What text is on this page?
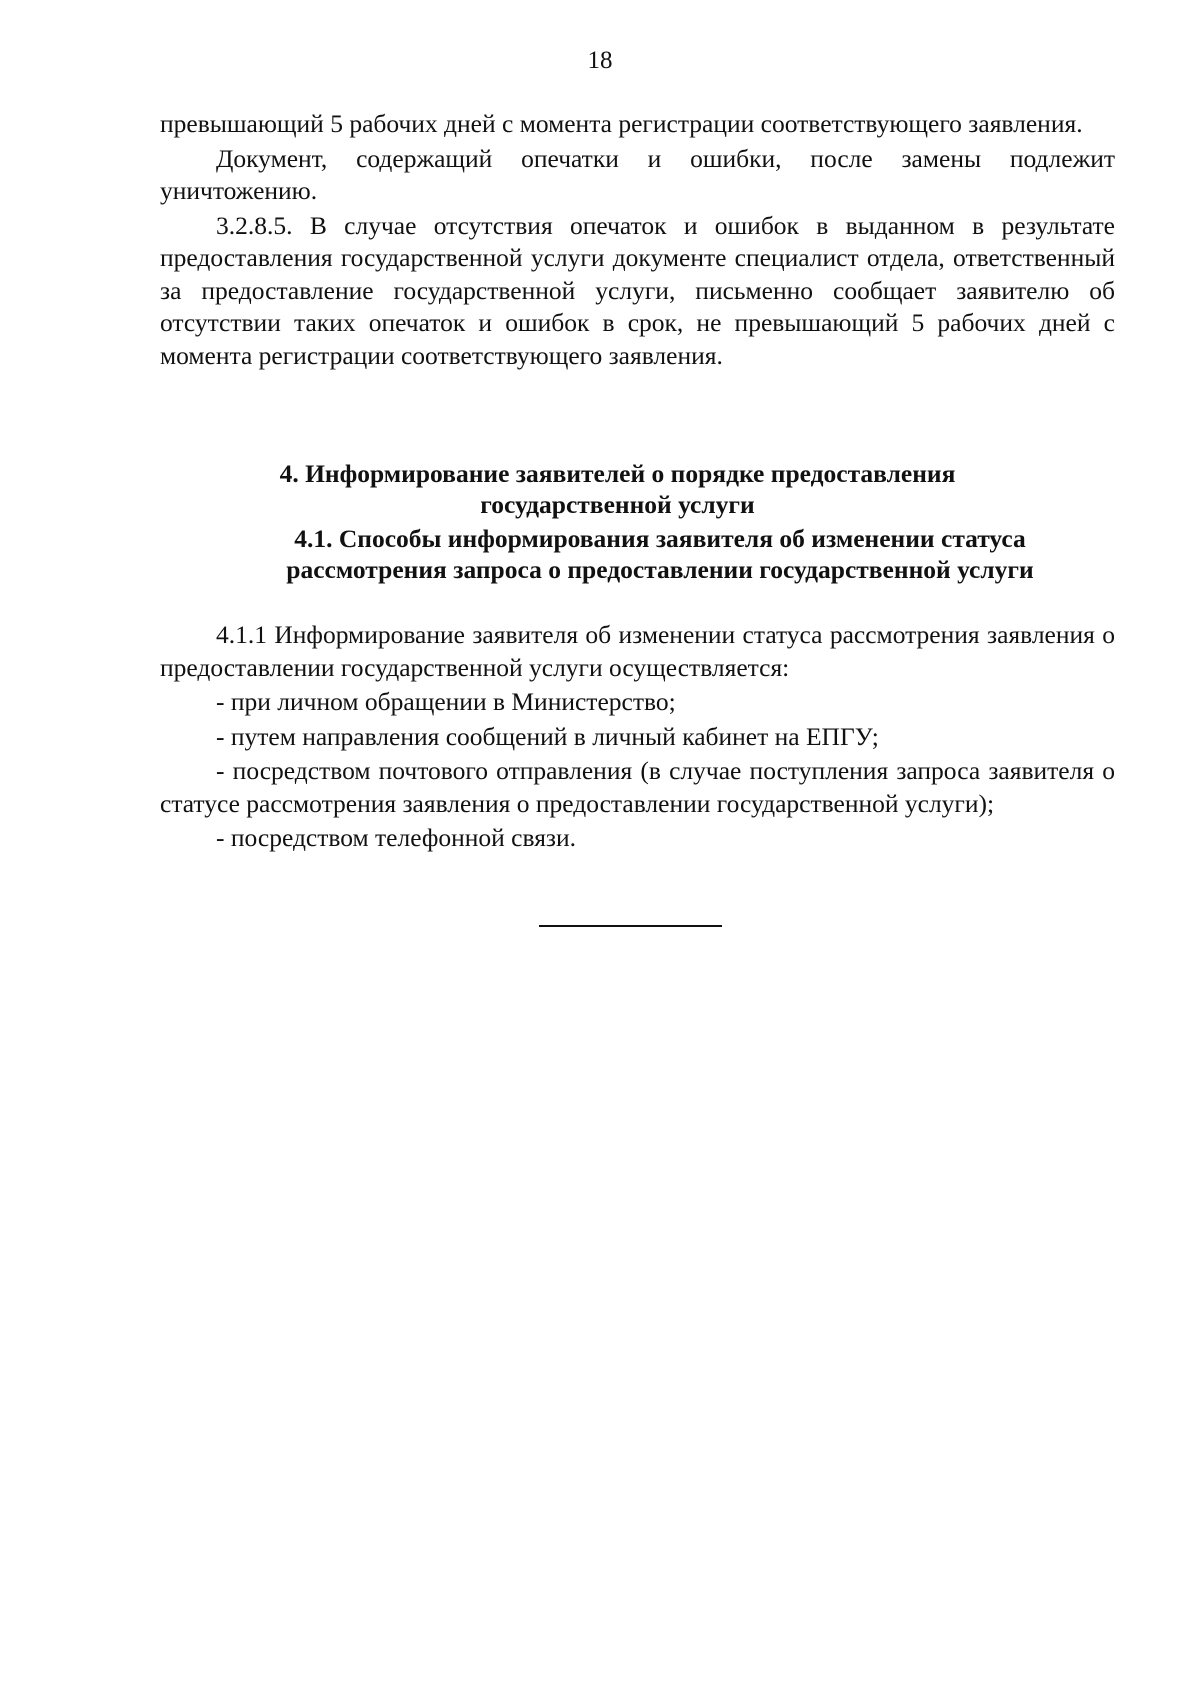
18

превышающий 5 рабочих дней с момента регистрации соответствующего заявления.

Документ, содержащий опечатки и ошибки, после замены подлежит уничтожению.

3.2.8.5. В случае отсутствия опечаток и ошибок в выданном в результате предоставления государственной услуги документе специалист отдела, ответственный за предоставление государственной услуги, письменно сообщает заявителю об отсутствии таких опечаток и ошибок в срок, не превышающий 5 рабочих дней с момента регистрации соответствующего заявления.

4. Информирование заявителей о порядке предоставления

государственной услуги

4.1. Способы информирования заявителя об изменении статуса

рассмотрения запроса о предоставлении государственной услуги

4.1.1 Информирование заявителя об изменении статуса рассмотрения заявления о предоставлении государственной услуги осуществляется:

- при личном обращении в Министерство;

- путем направления сообщений в личный кабинет на ЕПГУ;

- посредством почтового отправления (в случае поступления запроса заявителя о статусе рассмотрения заявления о предоставлении государственной услуги);

- посредством телефонной связи.
